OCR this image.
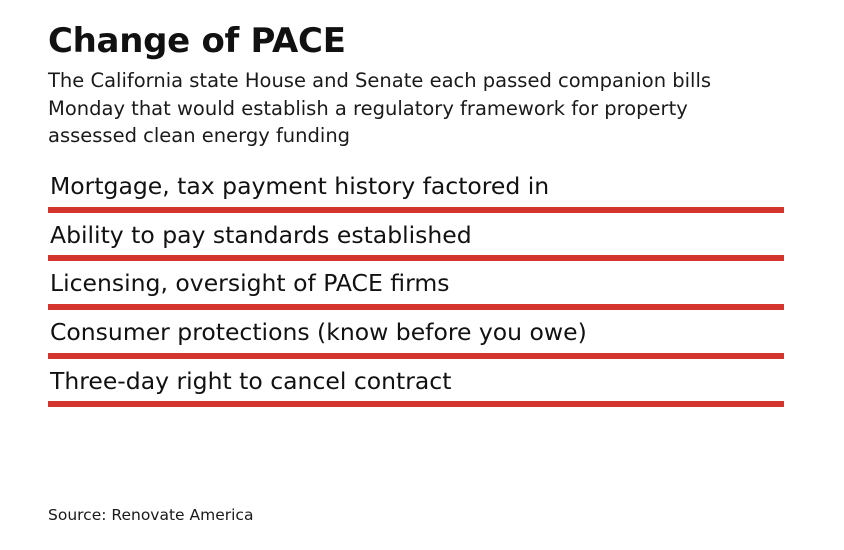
Change of PACE

The California state House and Senate each passed companion bills Monday that would establish a regulatory framework for property assessed clean energy funding

Mortgage, tax payment history factored in
Ability to pay standards established
Licensing, oversight of PACE firms
Consumer protections (know before you owe)
Three-day right to cancel contract
Source: Renovate America
